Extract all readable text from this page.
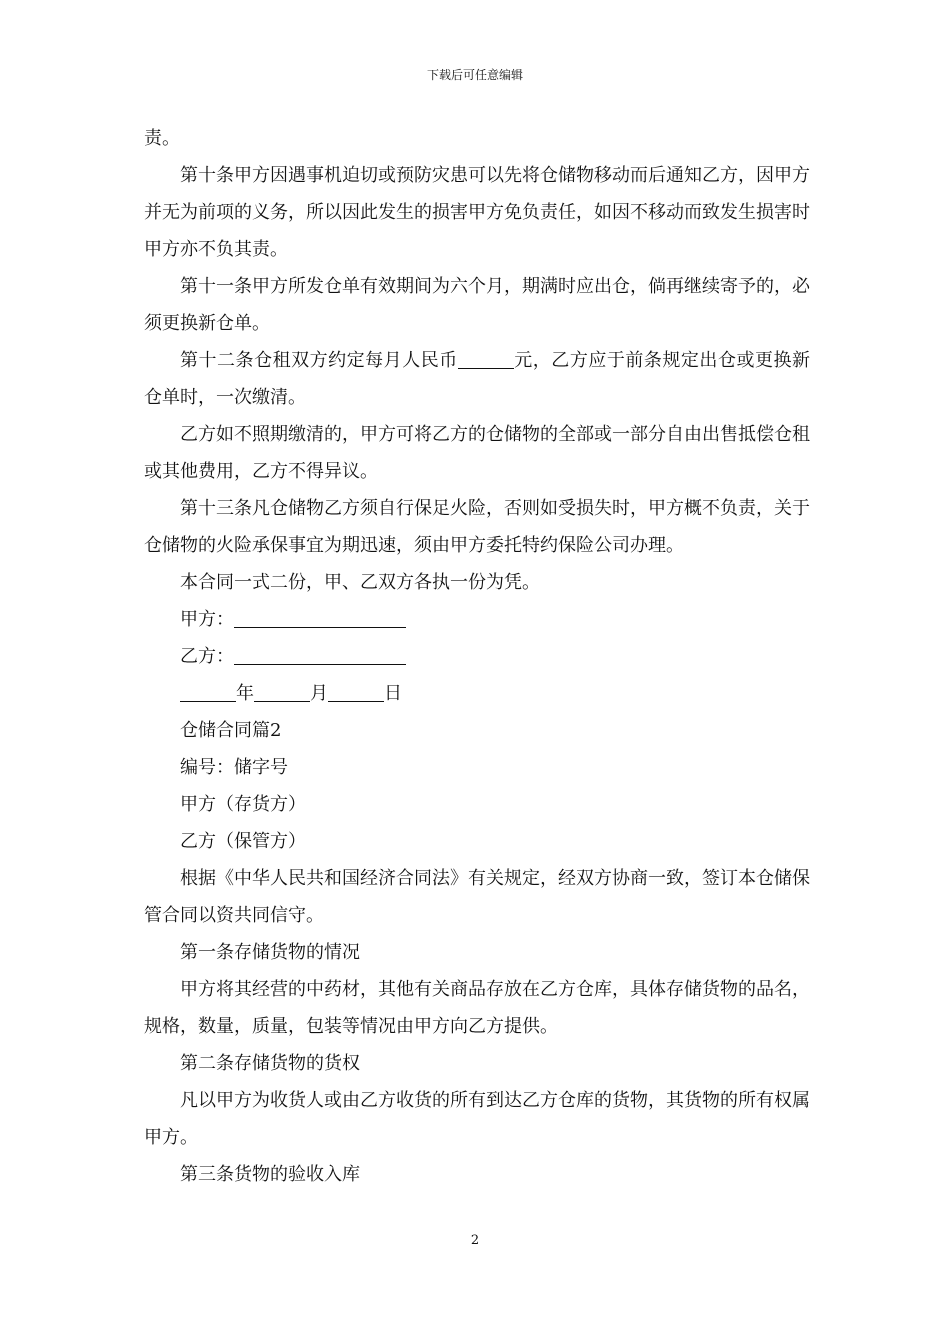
下载后可任意编辑

责。

第十条甲方因遇事机迫切或预防灾患可以先将仓储物移动而后通知乙方，因甲方并无为前项的义务，所以因此发生的损害甲方免负责任，如因不移动而致发生损害时甲方亦不负其责。

第十一条甲方所发仓单有效期间为六个月，期满时应出仓，倘再继续寄予的，必须更换新仓单。

第十二条仓租双方约定每月人民币	元，乙方应于前条规定出仓或更换新仓单时，一次缴清。

乙方如不照期缴清的，甲方可将乙方的仓储物的全部或一部分自由出售抵偿仓租或其他费用，乙方不得异议。

第十三条凡仓储物乙方须自行保足火险，否则如受损失时，甲方概不负责，关于仓储物的火险承保事宜为期迅速，须由甲方委托特约保险公司办理。

本合同一式二份，甲、乙双方各执一份为凭。

甲方：

乙方：

年	月	日

仓储合同篇2

编号：储字号

甲方（存货方）

乙方（保管方）

根据《中华人民共和国经济合同法》有关规定，经双方协商一致，签订本仓储保管合同以资共同信守。

第一条存储货物的情况

甲方将其经营的中药材，其他有关商品存放在乙方仓库，具体存储货物的品名，规格，数量，质量，包装等情况由甲方向乙方提供。

第二条存储货物的货权

凡以甲方为收货人或由乙方收货的所有到达乙方仓库的货物，其货物的所有权属甲方。

第三条货物的验收入库

2
